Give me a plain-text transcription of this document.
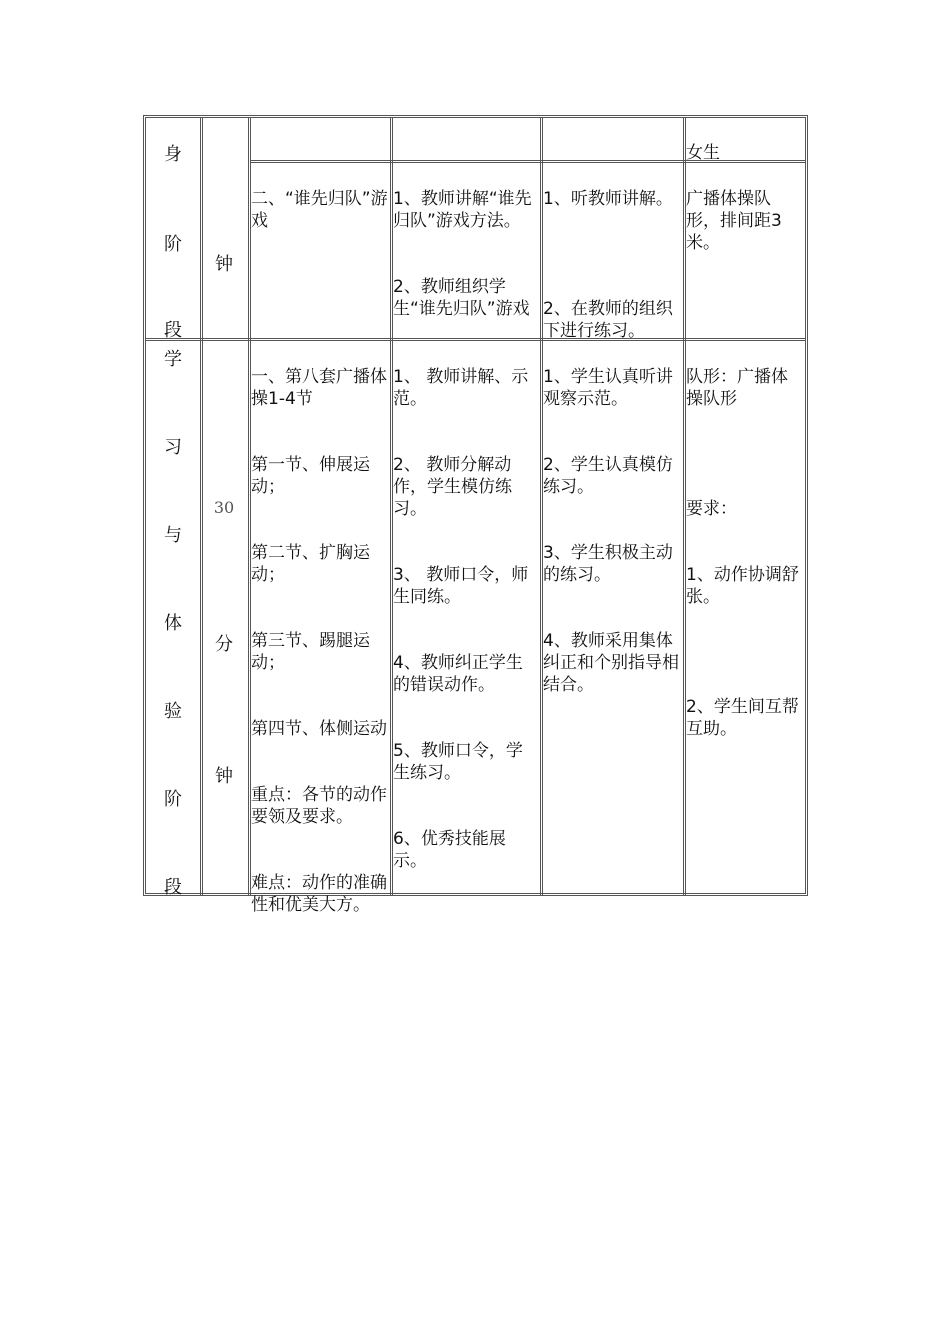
身
阶
段
钟
女生

二、“谁先归队”游戏

1、教师讲解“谁先归队”游戏方法。

2、教师组织学生“谁先归队”游戏

1、听教师讲解。

2、在教师的组织下进行练习。

广播体操队形，排间距3米。

学
习
与
体
验
阶
段
30
分
钟

一、第八套广播体操1-4节

第一节、伸展运动；

第二节、扩胸运动；

第三节、踢腿运动；

第四节、体侧运动

重点：各节的动作要领及要求。

难点：动作的准确性和优美大方。

1、 教师讲解、示范。

2、 教师分解动作，学生模仿练习。

3、 教师口令，师生同练。

4、教师纠正学生的错误动作。

5、教师口令，学生练习。

6、优秀技能展示。

1、学生认真听讲观察示范。

2、学生认真模仿练习。

3、学生积极主动的练习。

4、教师采用集体纠正和个别指导相结合。

队形：广播体操队形

要求：

1、动作协调舒张。

2、学生间互帮互助。
